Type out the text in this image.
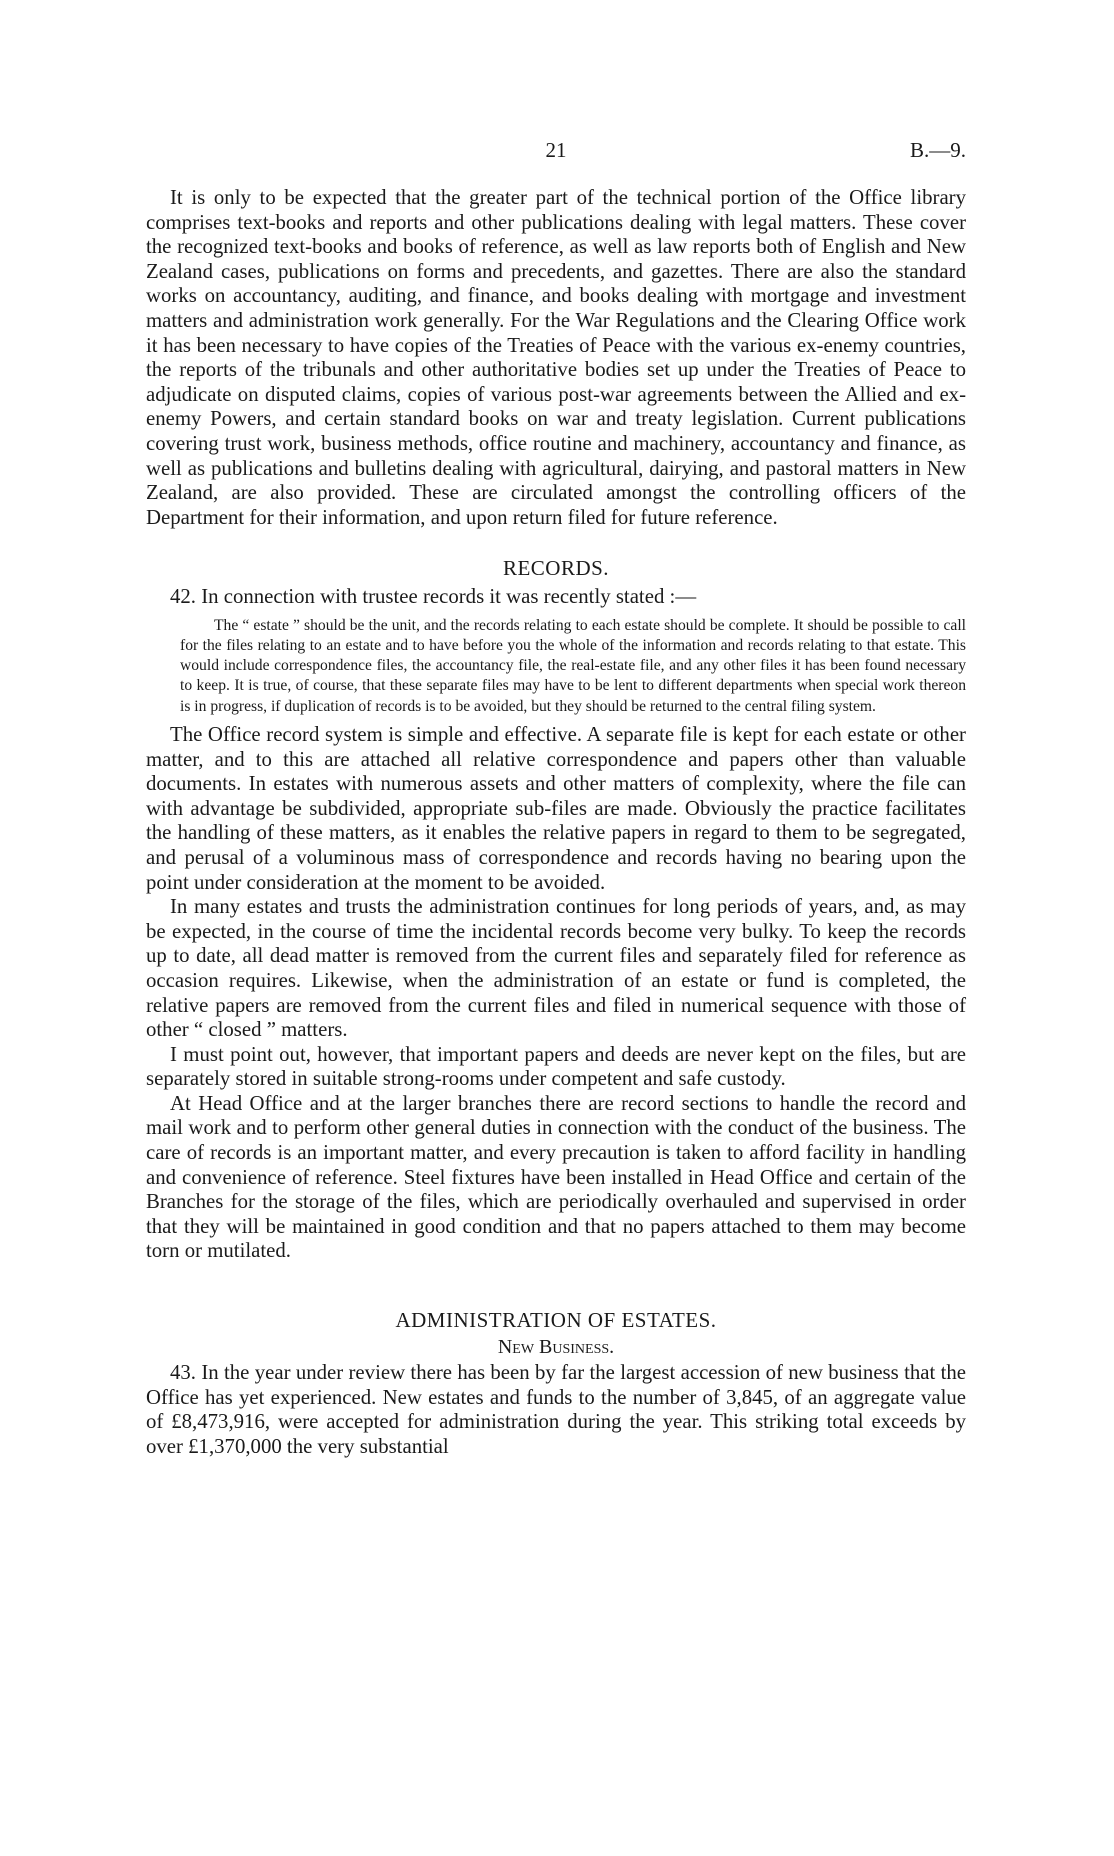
21	B.—9.

It is only to be expected that the greater part of the technical portion of the Office library comprises text-books and reports and other publications dealing with legal matters. These cover the recognized text-books and books of reference, as well as law reports both of English and New Zealand cases, publications on forms and precedents, and gazettes. There are also the standard works on accountancy, auditing, and finance, and books dealing with mortgage and investment matters and administration work generally. For the War Regulations and the Clearing Office work it has been necessary to have copies of the Treaties of Peace with the various ex-enemy countries, the reports of the tribunals and other authoritative bodies set up under the Treaties of Peace to adjudicate on disputed claims, copies of various post-war agreements between the Allied and ex-enemy Powers, and certain standard books on war and treaty legislation. Current publications covering trust work, business methods, office routine and machinery, accountancy and finance, as well as publications and bulletins dealing with agricultural, dairying, and pastoral matters in New Zealand, are also provided. These are circulated amongst the controlling officers of the Department for their information, and upon return filed for future reference.

RECORDS.

42. In connection with trustee records it was recently stated :—

The “ estate ” should be the unit, and the records relating to each estate should be complete. It should be possible to call for the files relating to an estate and to have before you the whole of the information and records relating to that estate. This would include correspondence files, the accountancy file, the real-estate file, and any other files it has been found necessary to keep. It is true, of course, that these separate files may have to be lent to different departments when special work thereon is in progress, if duplication of records is to be avoided, but they should be returned to the central filing system.

The Office record system is simple and effective. A separate file is kept for each estate or other matter, and to this are attached all relative correspondence and papers other than valuable documents. In estates with numerous assets and other matters of complexity, where the file can with advantage be subdivided, appropriate sub-files are made. Obviously the practice facilitates the handling of these matters, as it enables the relative papers in regard to them to be segregated, and perusal of a voluminous mass of correspondence and records having no bearing upon the point under consideration at the moment to be avoided.

In many estates and trusts the administration continues for long periods of years, and, as may be expected, in the course of time the incidental records become very bulky. To keep the records up to date, all dead matter is removed from the current files and separately filed for reference as occasion requires. Likewise, when the administration of an estate or fund is completed, the relative papers are removed from the current files and filed in numerical sequence with those of other “ closed ” matters.

I must point out, however, that important papers and deeds are never kept on the files, but are separately stored in suitable strong-rooms under competent and safe custody.

At Head Office and at the larger branches there are record sections to handle the record and mail work and to perform other general duties in connection with the conduct of the business. The care of records is an important matter, and every precaution is taken to afford facility in handling and convenience of reference. Steel fixtures have been installed in Head Office and certain of the Branches for the storage of the files, which are periodically overhauled and supervised in order that they will be maintained in good condition and that no papers attached to them may become torn or mutilated.

ADMINISTRATION OF ESTATES.

New Business.

43. In the year under review there has been by far the largest accession of new business that the Office has yet experienced. New estates and funds to the number of 3,845, of an aggregate value of £8,473,916, were accepted for administration during the year. This striking total exceeds by over £1,370,000 the very substantial
